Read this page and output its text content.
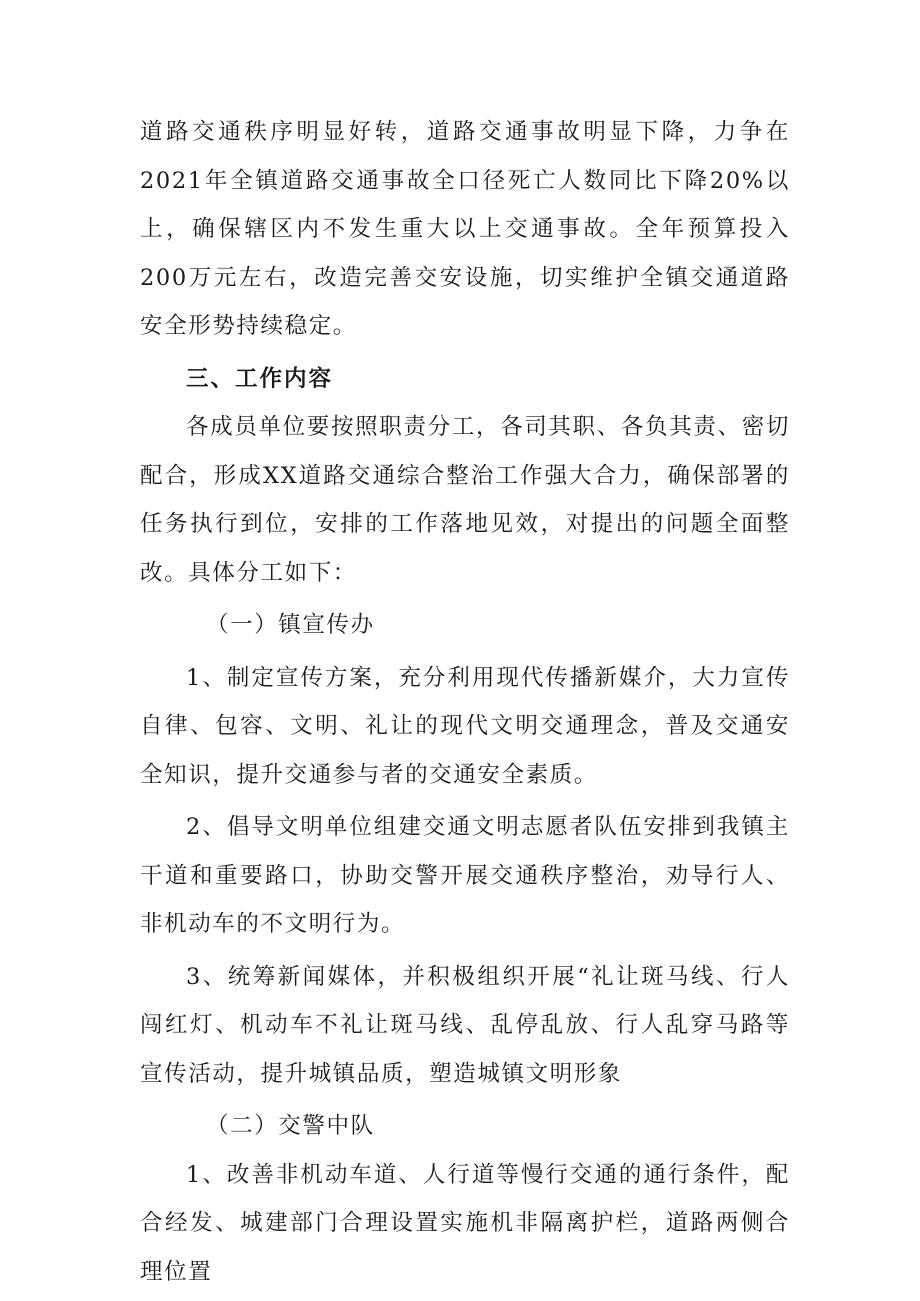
道路交通秩序明显好转，道路交通事故明显下降，力争在2021年全镇道路交通事故全口径死亡人数同比下降20%以上，确保辖区内不发生重大以上交通事故。全年预算投入200万元左右，改造完善交安设施，切实维护全镇交通道路安全形势持续稳定。

三、工作内容

各成员单位要按照职责分工，各司其职、各负其责、密切配合，形成XX道路交通综合整治工作强大合力，确保部署的任务执行到位，安排的工作落地见效，对提出的问题全面整改。具体分工如下：

（一）镇宣传办

1、制定宣传方案，充分利用现代传播新媒介，大力宣传自律、包容、文明、礼让的现代文明交通理念，普及交通安全知识，提升交通参与者的交通安全素质。

2、倡导文明单位组建交通文明志愿者队伍安排到我镇主干道和重要路口，协助交警开展交通秩序整治，劝导行人、非机动车的不文明行为。

3、统筹新闻媒体，并积极组织开展“礼让斑马线、行人闯红灯、机动车不礼让斑马线、乱停乱放、行人乱穿马路等宣传活动，提升城镇品质，塑造城镇文明形象

（二）交警中队

1、改善非机动车道、人行道等慢行交通的通行条件，配合经发、城建部门合理设置实施机非隔离护栏，道路两侧合理位置
